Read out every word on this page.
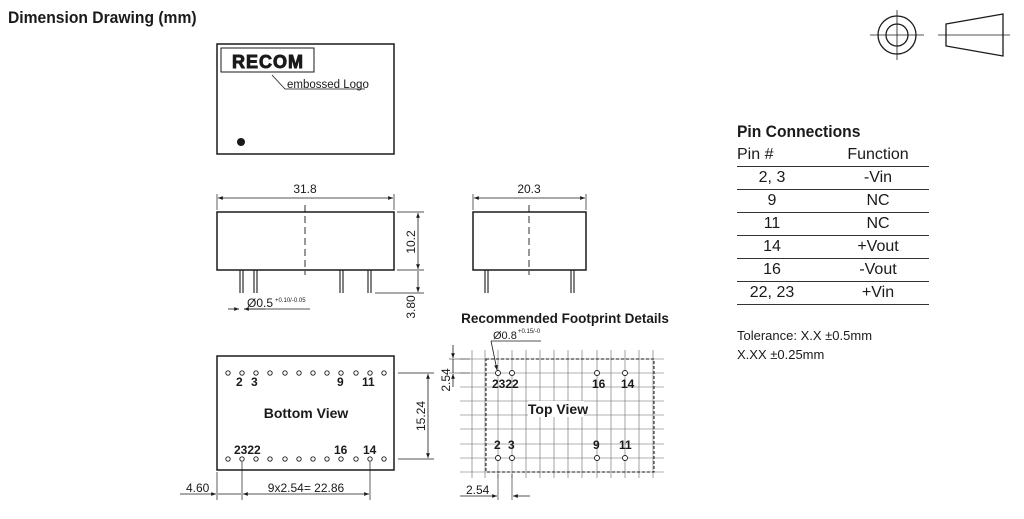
Dimension Drawing (mm)
RECOM
embossed Logo
31.8
10.2
3.80
Ø0.5 +0.10/-0.05
20.3
2 3	9 11
2322	16 14
Bottom View	15.24
4.60	9x2.54= 22.86
Recommended Footprint Details
Top View
2322	16 14
2 3	9 11
Ø0.8 +0.15/-0
2.54
2.54
Pin Connections
Pin #	Function
2, 3	-Vin
9	NC
11	NC
14	+Vout
16	-Vout
22, 23	+Vin
Tolerance: X.X ±0.5mm
X.XX ±0.25mm
